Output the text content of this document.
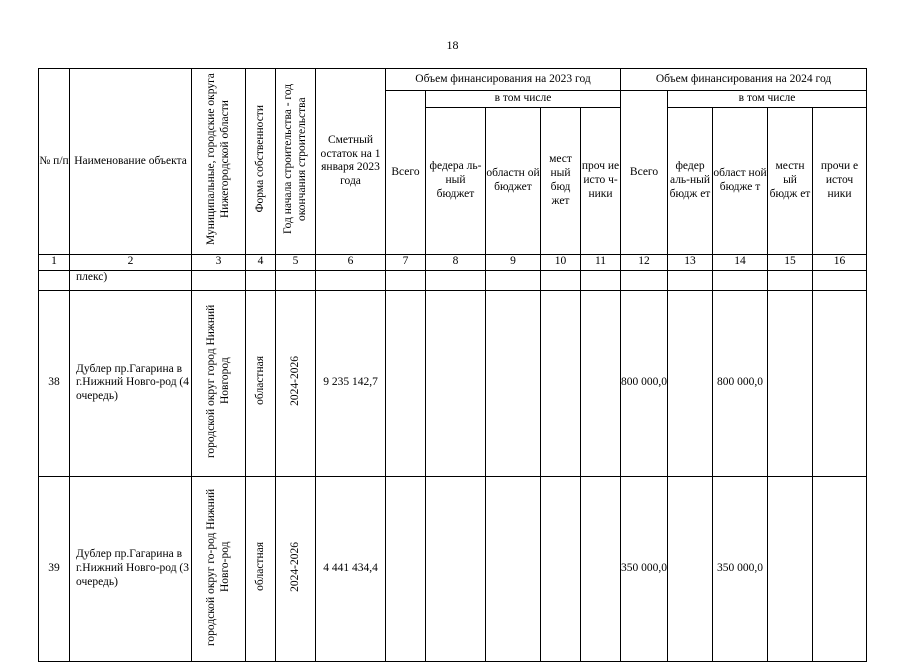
18
№ п/п	Наименование объекта	Муниципальные, городские округа Нижегородской области	Форма собственности	Год начала строительства - год окончания строительства	Сметный остаток на 1 января 2023 года	Объем финансирования на 2023 год					Объем финансирования на 2024 год				
						Всего	в том числе				Всего	в том числе			
							федера ль-ный бюджет	областн ой бюджет	мест ный бюд жет	проч ие исто ч-ники		федер аль-ный бюдж ет	област ной бюдже т	местн ый бюдж ет	прочи е источ ники
1	2	3	4	5	6	7	8	9	10	11	12	13	14	15	16
	плекс)														
38	Дублер пр.Гагарина в г.Нижний Новго-род (4 очередь)	городской округ город Нижний Новгород	областная	2024-2026	9 235 142,7						800 000,0		800 000,0		
39	Дублер пр.Гагарина в г.Нижний Новго-род (3 очередь)	городской округ го-род Нижний Новго-род	областная	2024-2026	4 441 434,4						350 000,0		350 000,0		
